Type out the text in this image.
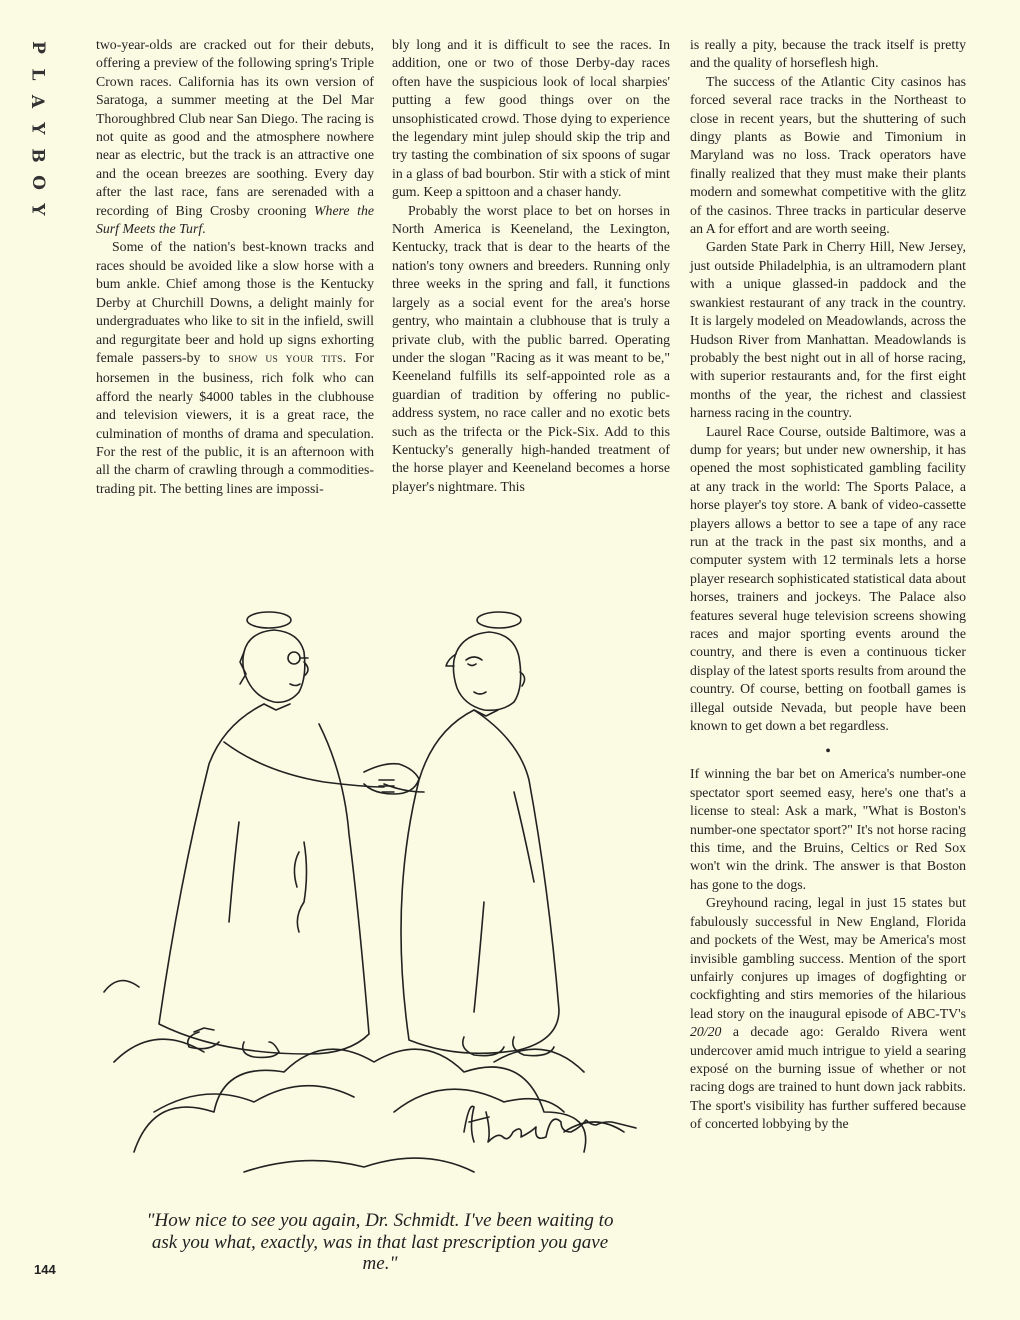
P
L
A
Y
B
O
Y

two-year-olds are cracked out for their debuts, offering a preview of the following spring's Triple Crown races. California has its own version of Saratoga, a summer meeting at the Del Mar Thoroughbred Club near San Diego. The racing is not quite as good and the atmosphere nowhere near as electric, but the track is an attractive one and the ocean breezes are soothing. Every day after the last race, fans are serenaded with a recording of Bing Crosby crooning Where the Surf Meets the Turf.

Some of the nation's best-known tracks and races should be avoided like a slow horse with a bum ankle. Chief among those is the Kentucky Derby at Churchill Downs, a delight mainly for undergraduates who like to sit in the infield, swill and regurgitate beer and hold up signs exhorting female passers-by to SHOW US YOUR TITS. For horsemen in the business, rich folk who can afford the nearly $4000 tables in the clubhouse and television viewers, it is a great race, the culmination of months of drama and speculation. For the rest of the public, it is an afternoon with all the charm of crawling through a commodities-trading pit. The betting lines are impossi-

bly long and it is difficult to see the races. In addition, one or two of those Derby-day races often have the suspicious look of local sharpies' putting a few good things over on the unsophisticated crowd. Those dying to experience the legendary mint julep should skip the trip and try tasting the combination of six spoons of sugar in a glass of bad bourbon. Stir with a stick of mint gum. Keep a spittoon and a chaser handy.

Probably the worst place to bet on horses in North America is Keeneland, the Lexington, Kentucky, track that is dear to the hearts of the nation's tony owners and breeders. Running only three weeks in the spring and fall, it functions largely as a social event for the area's horse gentry, who maintain a clubhouse that is truly a private club, with the public barred. Operating under the slogan "Racing as it was meant to be," Keeneland fulfills its self-appointed role as a guardian of tradition by offering no public-address system, no race caller and no exotic bets such as the trifecta or the Pick-Six. Add to this Kentucky's generally high-handed treatment of the horse player and Keeneland becomes a horse player's nightmare. This

is really a pity, because the track itself is pretty and the quality of horseflesh high.

The success of the Atlantic City casinos has forced several race tracks in the Northeast to close in recent years, but the shuttering of such dingy plants as Bowie and Timonium in Maryland was no loss. Track operators have finally realized that they must make their plants modern and somewhat competitive with the glitz of the casinos. Three tracks in particular deserve an A for effort and are worth seeing.

Garden State Park in Cherry Hill, New Jersey, just outside Philadelphia, is an ultramodern plant with a unique glassed-in paddock and the swankiest restaurant of any track in the country. It is largely modeled on Meadowlands, across the Hudson River from Manhattan. Meadowlands is probably the best night out in all of horse racing, with superior restaurants and, for the first eight months of the year, the richest and classiest harness racing in the country.

Laurel Race Course, outside Baltimore, was a dump for years; but under new ownership, it has opened the most sophisticated gambling facility at any track in the world: The Sports Palace, a horse player's toy store. A bank of video-cassette players allows a bettor to see a tape of any race run at the track in the past six months, and a computer system with 12 terminals lets a horse player research sophisticated statistical data about horses, trainers and jockeys. The Palace also features several huge television screens showing races and major sporting events around the country, and there is even a continuous ticker display of the latest sports results from around the country. Of course, betting on football games is illegal outside Nevada, but people have been known to get down a bet regardless.

•

If winning the bar bet on America's number-one spectator sport seemed easy, here's one that's a license to steal: Ask a mark, "What is Boston's number-one spectator sport?" It's not horse racing this time, and the Bruins, Celtics or Red Sox won't win the drink. The answer is that Boston has gone to the dogs.

Greyhound racing, legal in just 15 states but fabulously successful in New England, Florida and pockets of the West, may be America's most invisible gambling success. Mention of the sport unfairly conjures up images of dogfighting or cockfighting and stirs memories of the hilarious lead story on the inaugural episode of ABC-TV's 20/20 a decade ago: Geraldo Rivera went undercover amid much intrigue to yield a searing exposé on the burning issue of whether or not racing dogs are trained to hunt down jack rabbits. The sport's visibility has further suffered because of concerted lobbying by the

"How nice to see you again, Dr. Schmidt. I've been waiting to ask you what, exactly, was in that last prescription you gave me."
144
